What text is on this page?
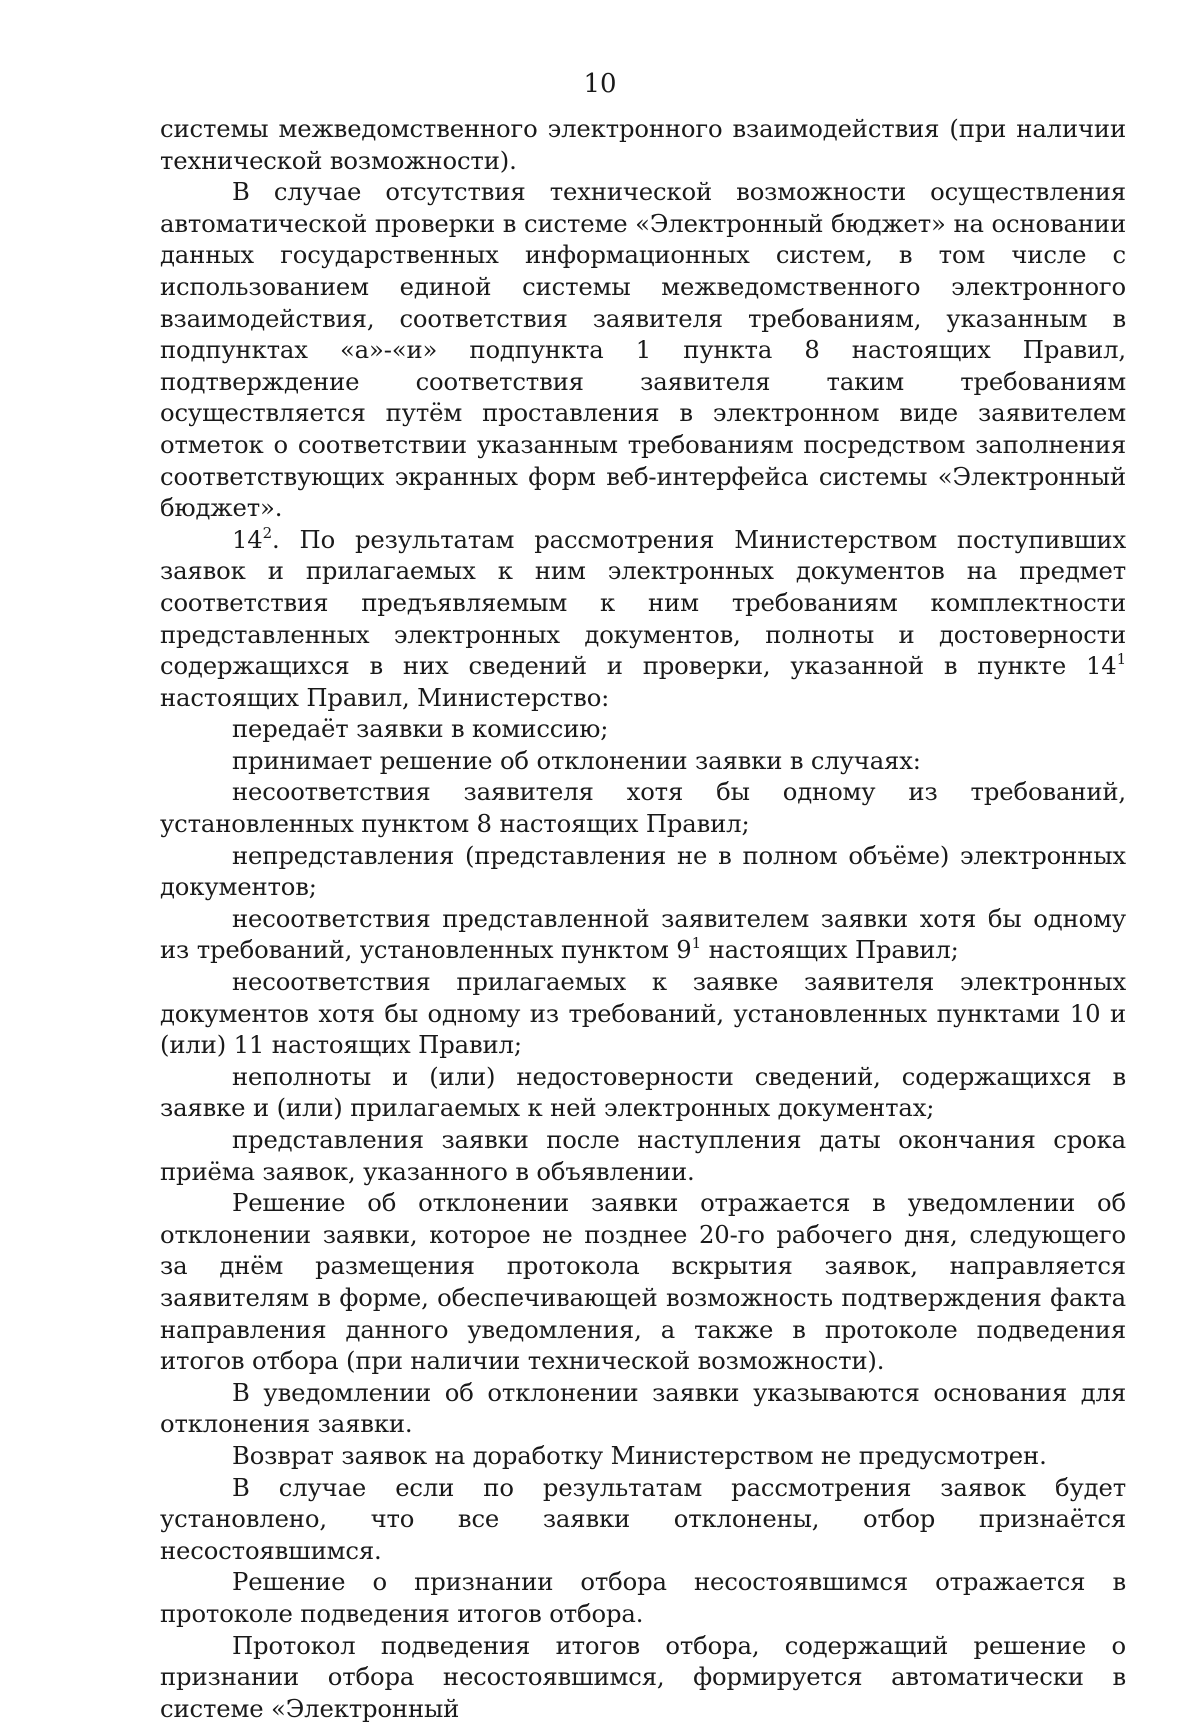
10

системы межведомственного электронного взаимодействия (при наличии технической возможности).

В случае отсутствия технической возможности осуществления автоматической проверки в системе «Электронный бюджет» на основании данных государственных информационных систем, в том числе с использованием единой системы межведомственного электронного взаимодействия, соответствия заявителя требованиям, указанным в подпунктах «а»-«и» подпункта 1 пункта 8 настоящих Правил, подтверждение соответствия заявителя таким требованиям осуществляется путём проставления в электронном виде заявителем отметок о соответствии указанным требованиям посредством заполнения соответствующих экранных форм веб-интерфейса системы «Электронный бюджет».

$14^2$. По результатам рассмотрения Министерством поступивших заявок и прилагаемых к ним электронных документов на предмет соответствия предъявляемым к ним требованиям комплектности представленных электронных документов, полноты и достоверности содержащихся в них сведений и проверки, указанной в пункте $14^1$ настоящих Правил, Министерство:

передаёт заявки в комиссию;

принимает решение об отклонении заявки в случаях:

несоответствия заявителя хотя бы одному из требований, установленных пунктом 8 настоящих Правил;

непредставления (представления не в полном объёме) электронных документов;

несоответствия представленной заявителем заявки хотя бы одному из требований, установленных пунктом $9^1$ настоящих Правил;

несоответствия прилагаемых к заявке заявителя электронных документов хотя бы одному из требований, установленных пунктами 10 и (или) 11 настоящих Правил;

неполноты и (или) недостоверности сведений, содержащихся в заявке и (или) прилагаемых к ней электронных документах;

представления заявки после наступления даты окончания срока приёма заявок, указанного в объявлении.

Решение об отклонении заявки отражается в уведомлении об отклонении заявки, которое не позднее 20-го рабочего дня, следующего за днём размещения протокола вскрытия заявок, направляется заявителям в форме, обеспечивающей возможность подтверждения факта направления данного уведомления, а также в протоколе подведения итогов отбора (при наличии технической возможности).

В уведомлении об отклонении заявки указываются основания для отклонения заявки.

Возврат заявок на доработку Министерством не предусмотрен.

В случае если по результатам рассмотрения заявок будет установлено, что все заявки отклонены, отбор признаётся несостоявшимся.

Решение о признании отбора несостоявшимся отражается в протоколе подведения итогов отбора.

Протокол подведения итогов отбора, содержащий решение о признании отбора несостоявшимся, формируется автоматически в системе «Электронный
